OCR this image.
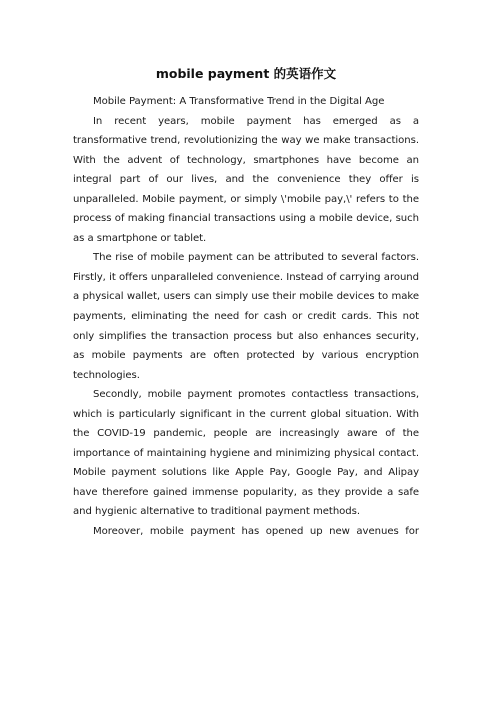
mobile payment 的英语作文

Mobile Payment: A Transformative Trend in the Digital Age

In recent years, mobile payment has emerged as a transformative trend, revolutionizing the way we make transactions. With the advent of technology, smartphones have become an integral part of our lives, and the convenience they offer is unparalleled. Mobile payment, or simply \'mobile pay,\' refers to the process of making financial transactions using a mobile device, such as a smartphone or tablet.

The rise of mobile payment can be attributed to several factors. Firstly, it offers unparalleled convenience. Instead of carrying around a physical wallet, users can simply use their mobile devices to make payments, eliminating the need for cash or credit cards. This not only simplifies the transaction process but also enhances security, as mobile payments are often protected by various encryption technologies.

Secondly, mobile payment promotes contactless transactions, which is particularly significant in the current global situation. With the COVID-19 pandemic, people are increasingly aware of the importance of maintaining hygiene and minimizing physical contact. Mobile payment solutions like Apple Pay, Google Pay, and Alipay have therefore gained immense popularity, as they provide a safe and hygienic alternative to traditional payment methods.

Moreover, mobile payment has opened up new avenues for
